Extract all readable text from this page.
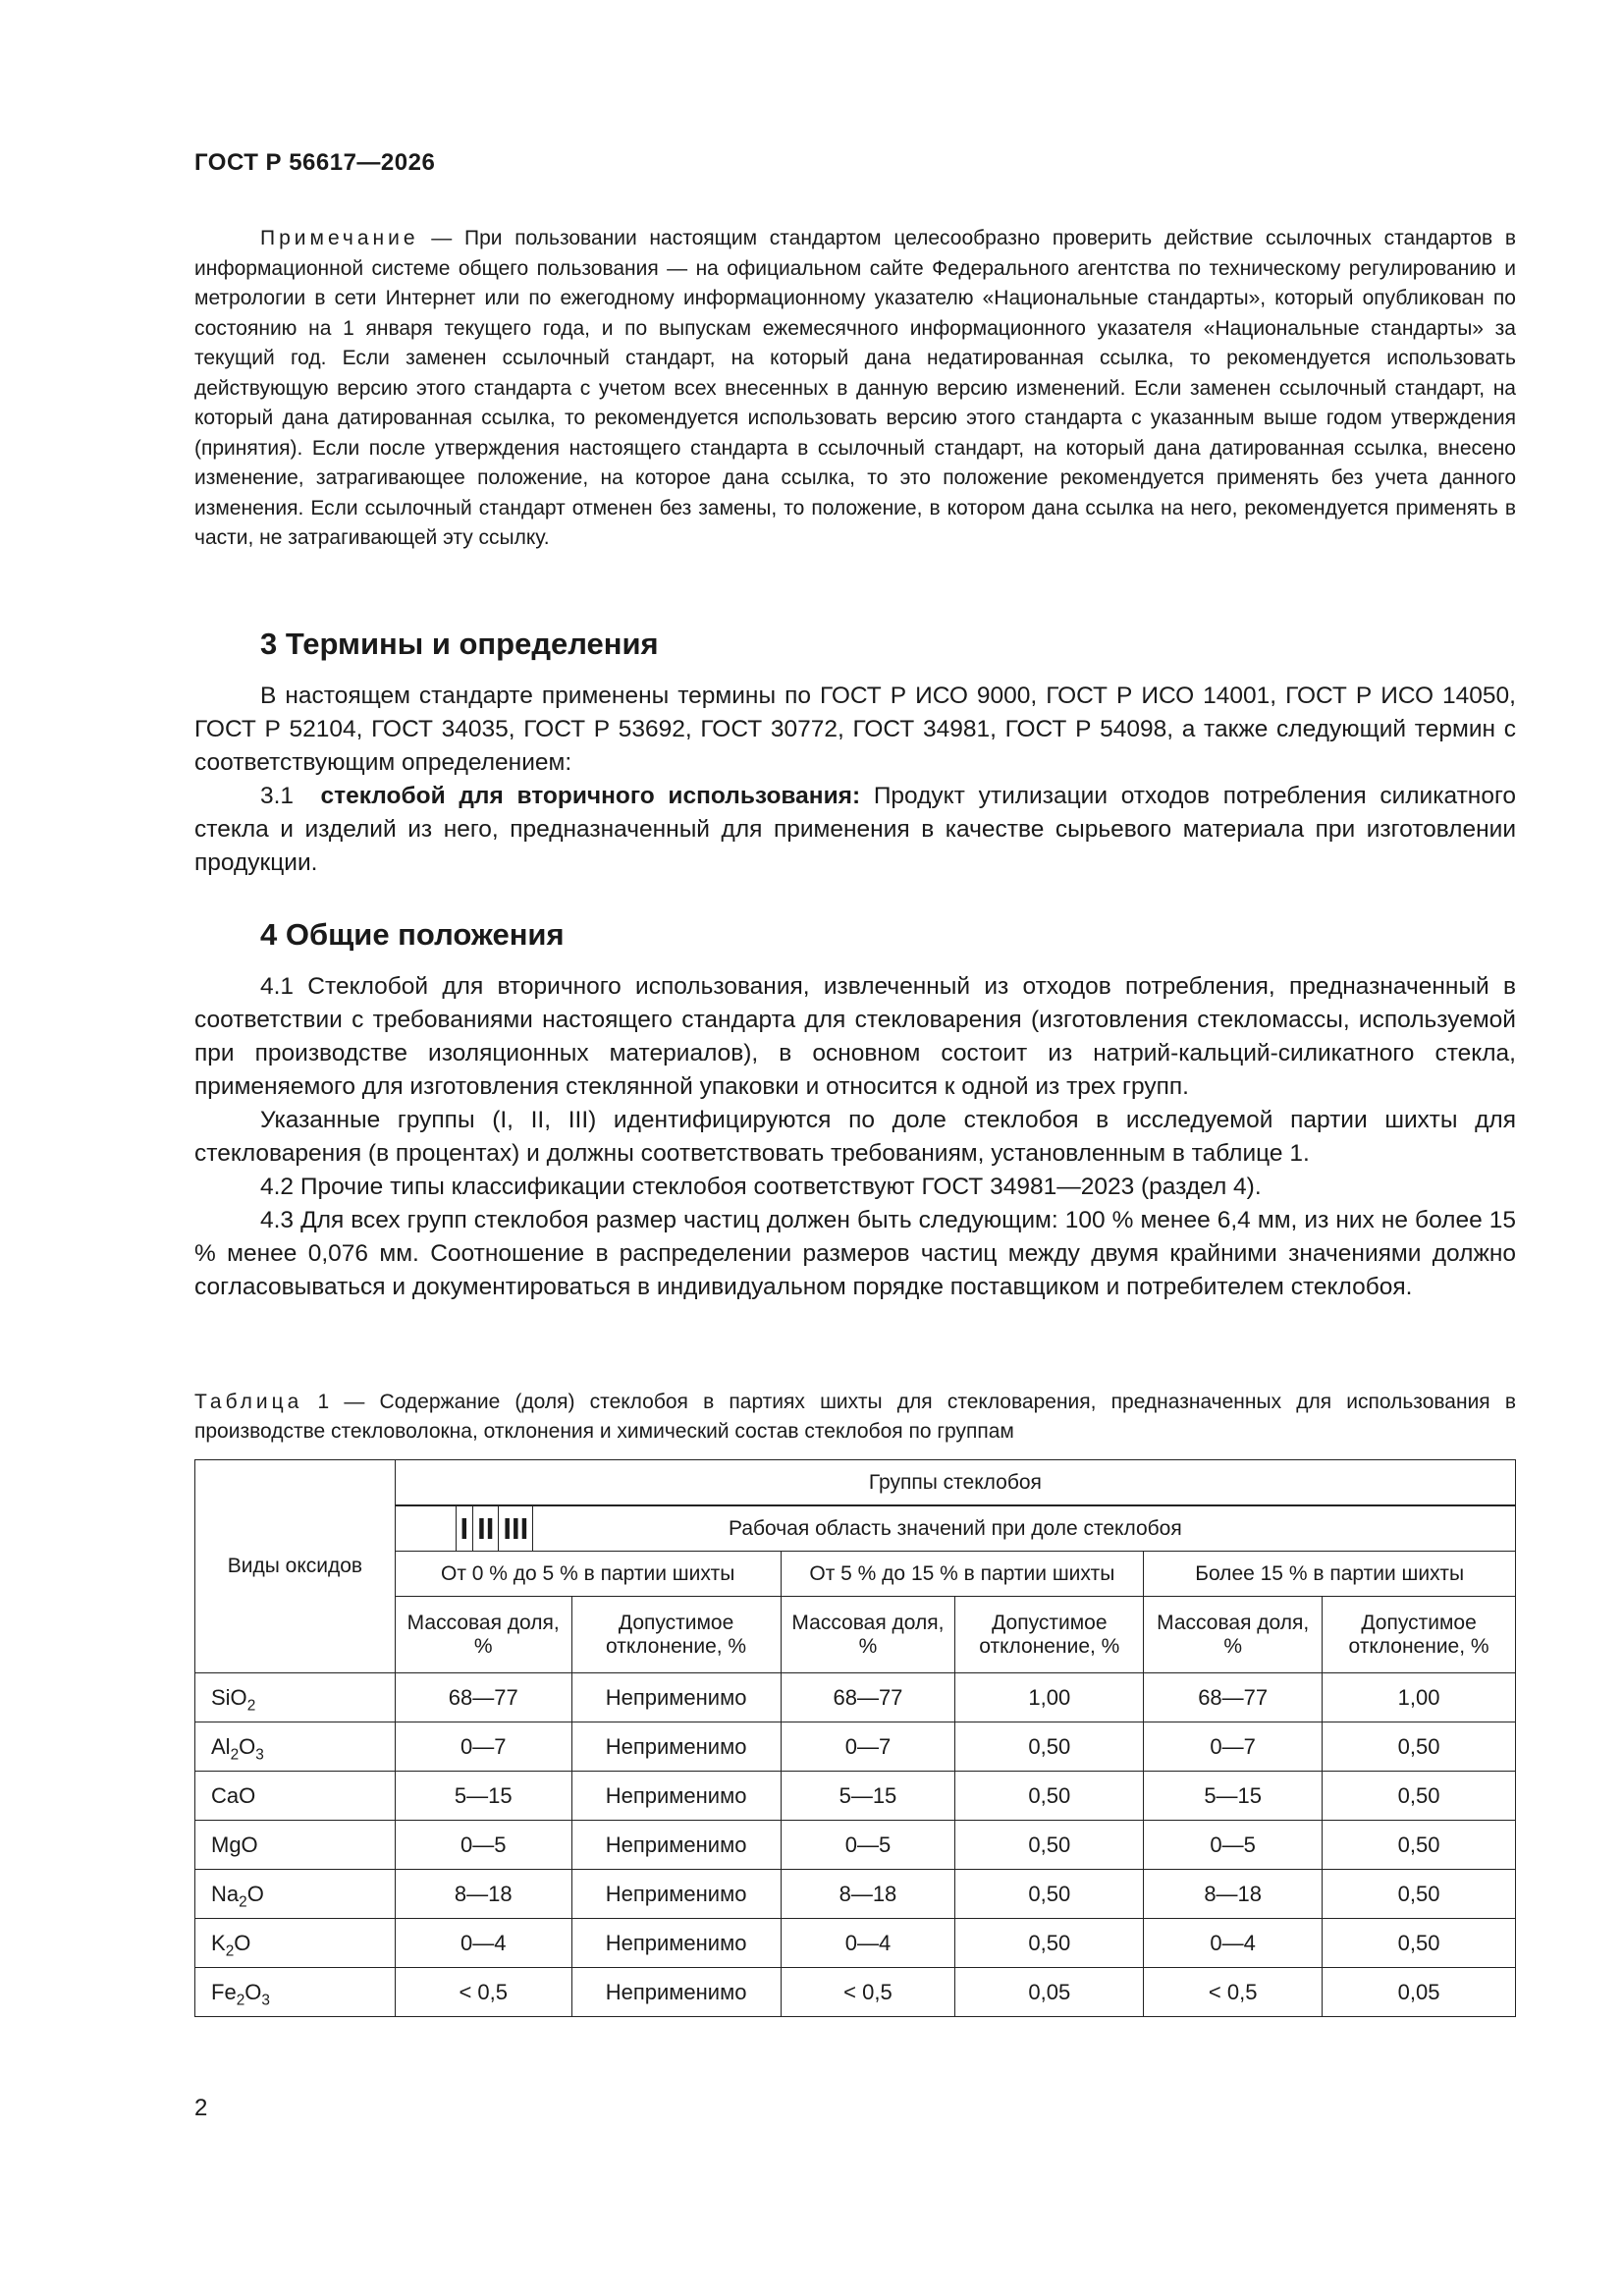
ГОСТ Р 56617—2026
Примечание — При пользовании настоящим стандартом целесообразно проверить действие ссылочных стандартов в информационной системе общего пользования — на официальном сайте Федерального агентства по техническому регулированию и метрологии в сети Интернет или по ежегодному информационному указателю «Национальные стандарты», который опубликован по состоянию на 1 января текущего года, и по выпускам ежемесячного информационного указателя «Национальные стандарты» за текущий год. Если заменен ссылочный стандарт, на который дана недатированная ссылка, то рекомендуется использовать действующую версию этого стандарта с учетом всех внесенных в данную версию изменений. Если заменен ссылочный стандарт, на который дана датированная ссылка, то рекомендуется использовать версию этого стандарта с указанным выше годом утверждения (принятия). Если после утверждения настоящего стандарта в ссылочный стандарт, на который дана датированная ссылка, внесено изменение, затрагивающее положение, на которое дана ссылка, то это положение рекомендуется применять без учета данного изменения. Если ссылочный стандарт отменен без замены, то положение, в котором дана ссылка на него, рекомендуется применять в части, не затрагивающей эту ссылку.
3 Термины и определения

В настоящем стандарте применены термины по ГОСТ Р ИСО 9000, ГОСТ Р ИСО 14001, ГОСТ Р ИСО 14050, ГОСТ Р 52104, ГОСТ 34035, ГОСТ Р 53692, ГОСТ 30772, ГОСТ 34981, ГОСТ Р 54098, а также следующий термин с соответствующим определением:

3.1 стеклобой для вторичного использования: Продукт утилизации отходов потребления силикатного стекла и изделий из него, предназначенный для применения в качестве сырьевого материала при изготовлении продукции.

4 Общие положения

4.1 Стеклобой для вторичного использования, извлеченный из отходов потребления, предназначенный в соответствии с требованиями настоящего стандарта для стекловарения (изготовления стекломассы, используемой при производстве изоляционных материалов), в основном состоит из натрий-кальций-силикатного стекла, применяемого для изготовления стеклянной упаковки и относится к одной из трех групп.

Указанные группы (I, II, III) идентифицируются по доле стеклобоя в исследуемой партии шихты для стекловарения (в процентах) и должны соответствовать требованиям, установленным в таблице 1.

4.2 Прочие типы классификации стеклобоя соответствуют ГОСТ 34981—2023 (раздел 4).

4.3 Для всех групп стеклобоя размер частиц должен быть следующим: 100 % менее 6,4 мм, из них не более 15 % менее 0,076 мм. Соотношение в распределении размеров частиц между двумя крайними значениями должно согласовываться и документироваться в индивидуальном порядке поставщиком и потребителем стеклобоя.

Таблица 1 — Содержание (доля) стеклобоя в партиях шихты для стекловарения, предназначенных для использования в производстве стекловолокна, отклонения и химический состав стеклобоя по группам
Виды оксидов	Группы стеклобоя

I	II	III
Рабочая область значений при доле стеклобоя
От 0 % до 5 % в партии шихты	От 5 % до 15 % в партии шихты	Более 15 % в партии шихты
Массовая доля, %	Допустимое отклонение, %	Массовая доля, %	Допустимое отклонение, %	Массовая доля, %	Допустимое отклонение, %
SiO$_2$	68—77	Неприменимо	68—77	1,00	68—77	1,00
$Al_2O_3$	0—7	Неприменимо	0—7	0,50	0—7	0,50
CaO	5—15	Неприменимо	5—15	0,50	5—15	0,50
MgO	0—5	Неприменимо	0—5	0,50	0—5	0,50
$Na_2O$	8—18	Неприменимо	8—18	0,50	8—18	0,50
$K_2O$	0—4	Неприменимо	0—4	0,50	0—4	0,50
$Fe_2O_3$	< 0,5	Неприменимо	< 0,5	0,05	< 0,5	0,05
2
